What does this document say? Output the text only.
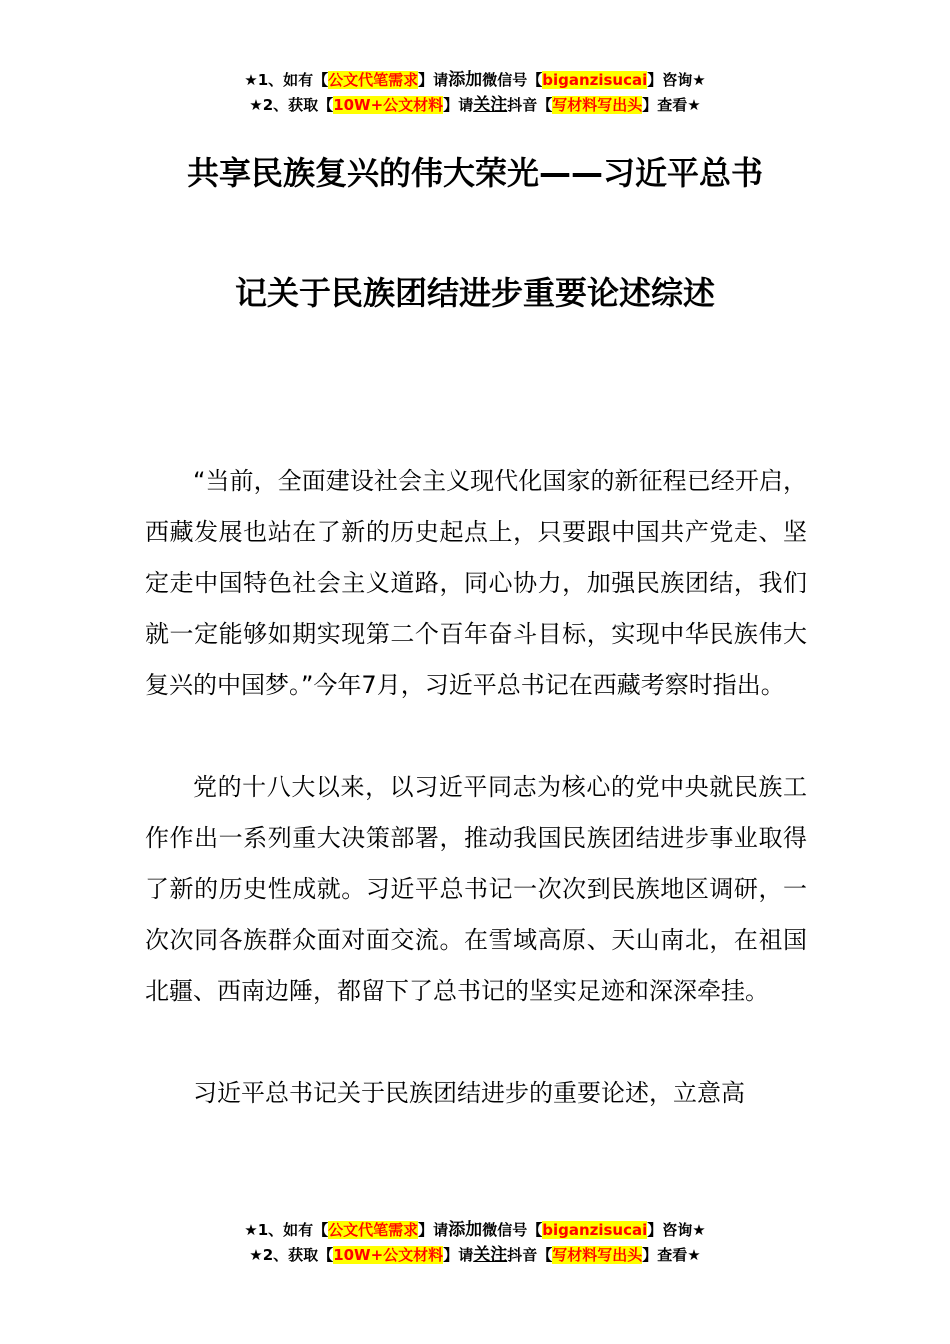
★1、如有【公文代笔需求】请添加微信号【biganzisucai】咨询★
★2、获取【10W+公文材料】请关注抖音【写材料写出头】查看★
共享民族复兴的伟大荣光——习近平总书
记关于民族团结进步重要论述综述

“当前，全面建设社会主义现代化国家的新征程已经开启，西藏发展也站在了新的历史起点上，只要跟中国共产党走、坚定走中国特色社会主义道路，同心协力，加强民族团结，我们就一定能够如期实现第二个百年奋斗目标，实现中华民族伟大复兴的中国梦。”今年7月，习近平总书记在西藏考察时指出。

党的十八大以来，以习近平同志为核心的党中央就民族工作作出一系列重大决策部署，推动我国民族团结进步事业取得了新的历史性成就。习近平总书记一次次到民族地区调研，一次次同各族群众面对面交流。在雪域高原、天山南北，在祖国北疆、西南边陲，都留下了总书记的坚实足迹和深深牵挂。

习近平总书记关于民族团结进步的重要论述，立意高

★1、如有【公文代笔需求】请添加微信号【biganzisucai】咨询★
★2、获取【10W+公文材料】请关注抖音【写材料写出头】查看★
